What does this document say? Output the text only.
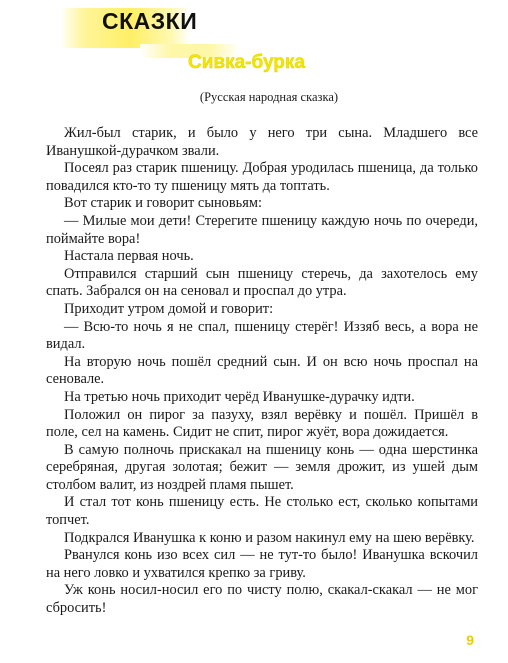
СКАЗКИ
Сивка-бурка
(Русская народная сказка)

Жил-был старик, и было у него три сына. Младшего все Иванушкой-дурачком звали.

Посеял раз старик пшеницу. Добрая уродилась пшеница, да только повадился кто-то ту пшеницу мять да топтать.

Вот старик и говорит сыновьям:

— Милые мои дети! Стерегите пшеницу каждую ночь по очереди, поймайте вора!

Настала первая ночь.

Отправился старший сын пшеницу стеречь, да захотелось ему спать. Забрался он на сеновал и проспал до утра.

Приходит утром домой и говорит:

— Всю-то ночь я не спал, пшеницу стерёг! Иззяб весь, а вора не видал.

На вторую ночь пошёл средний сын. И он всю ночь проспал на сеновале.

На третью ночь приходит черёд Иванушке-дурачку идти.

Положил он пирог за пазуху, взял верёвку и пошёл. Пришёл в поле, сел на камень. Сидит не спит, пирог жуёт, вора дожидается.

В самую полночь прискакал на пшеницу конь — одна шерстинка серебряная, другая золотая; бежит — земля дрожит, из ушей дым столбом валит, из ноздрей пламя пышет.

И стал тот конь пшеницу есть. Не столько ест, сколько копытами топчет.

Подкрался Иванушка к коню и разом накинул ему на шею верёвку.

Рванулся конь изо всех сил — не тут-то было! Иванушка вскочил на него ловко и ухватился крепко за гриву.

Уж конь носил-носил его по чисту полю, скакал-скакал — не мог сбросить!

9
